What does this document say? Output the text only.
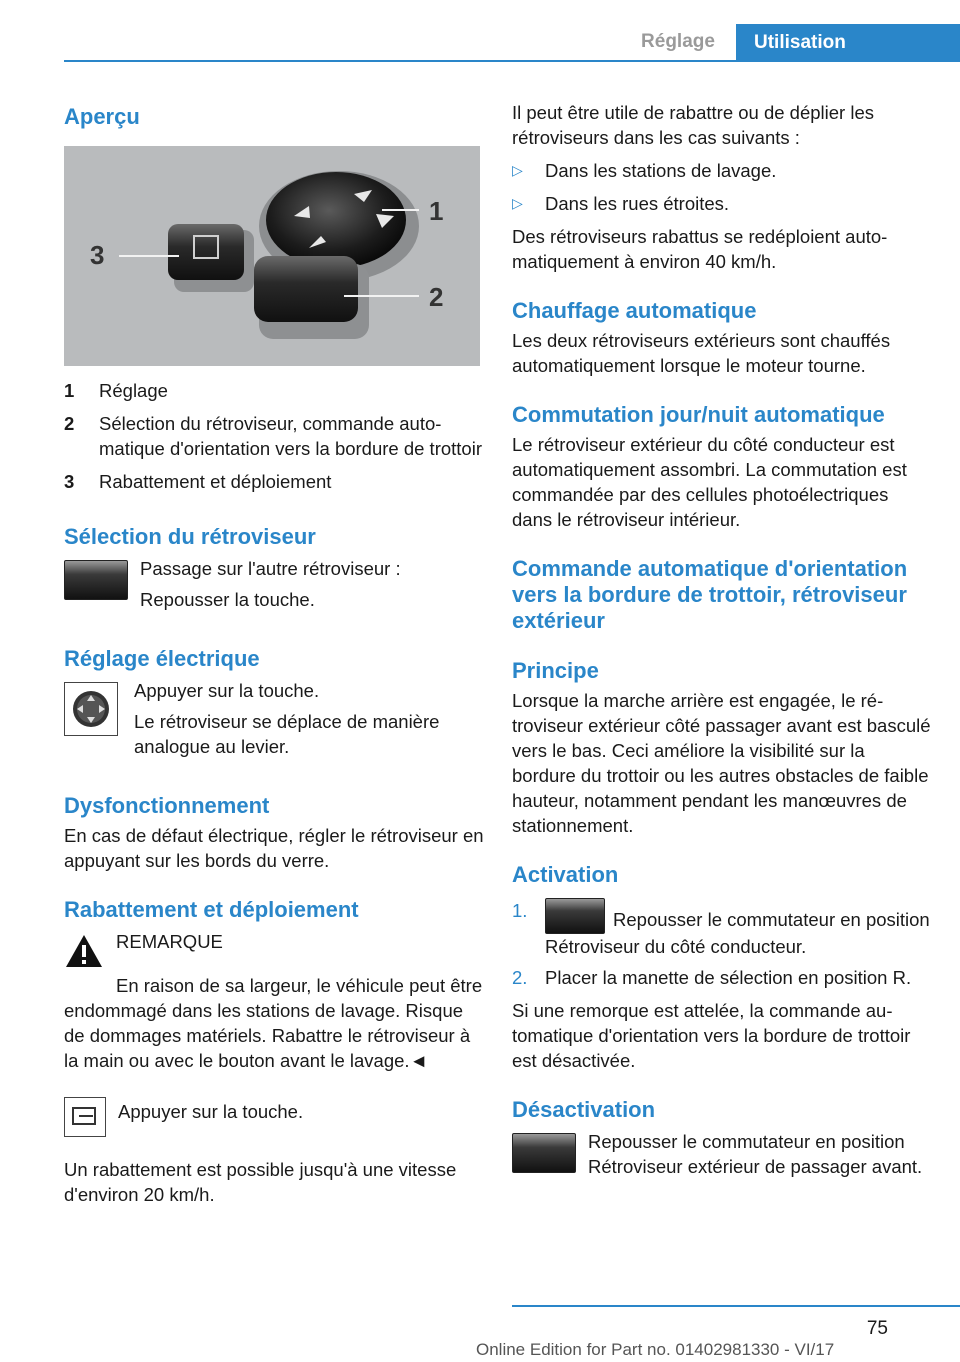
Réglage	Utilisation
Aperçu
3
1
2
1	Réglage
2	Sélection du rétroviseur, commande automatique d'orientation vers la bordure de trottoir
3	Rabattement et déploiement
Sélection du rétroviseur

Passage sur l'autre rétroviseur :

Repousser la touche.

Réglage électrique

Appuyer sur la touche.

Le rétroviseur se déplace de manière analogue au levier.

Dysfonctionnement

En cas de défaut électrique, régler le rétroviseur en appuyant sur les bords du verre.

Rabattement et déploiement

REMARQUE

En raison de sa largeur, le véhicule peut être endommagé dans les stations de lavage. Risque de dommages matériels. Rabattre le rétroviseur à la main ou avec le bouton avant le lavage.◄

Appuyer sur la touche.

Un rabattement est possible jusqu'à une vitesse d'environ 20 km/h.

Il peut être utile de rabattre ou de déplier les rétroviseurs dans les cas suivants :

▷	Dans les stations de lavage.
▷	Dans les rues étroites.

Des rétroviseurs rabattus se redéploient automatiquement à environ 40 km/h.

Chauffage automatique

Les deux rétroviseurs extérieurs sont chauffés automatiquement lorsque le moteur tourne.

Commutation jour/nuit automatique

Le rétroviseur extérieur du côté conducteur est automatiquement assombri. La commutation est commandée par des cellules photoélectriques dans le rétroviseur intérieur.

Commande automatique d'orientation vers la bordure de trottoir, rétroviseur extérieur
Principe

Lorsque la marche arrière est engagée, le rétroviseur extérieur côté passager avant est basculé vers le bas. Ceci améliore la visibilité sur la bordure du trottoir ou les autres obstacles de faible hauteur, notamment pendant les manœuvres de stationnement.

Activation
1.	Repousser le commutateur en position Rétroviseur du côté conducteur.
2. Placer la manette de sélection en position R.

Si une remorque est attelée, la commande automatique d'orientation vers la bordure de trottoir est désactivée.

Désactivation

Repousser le commutateur en position Rétroviseur extérieur de passager avant.

75
Online Edition for Part no. 01402981330 - VI/17
